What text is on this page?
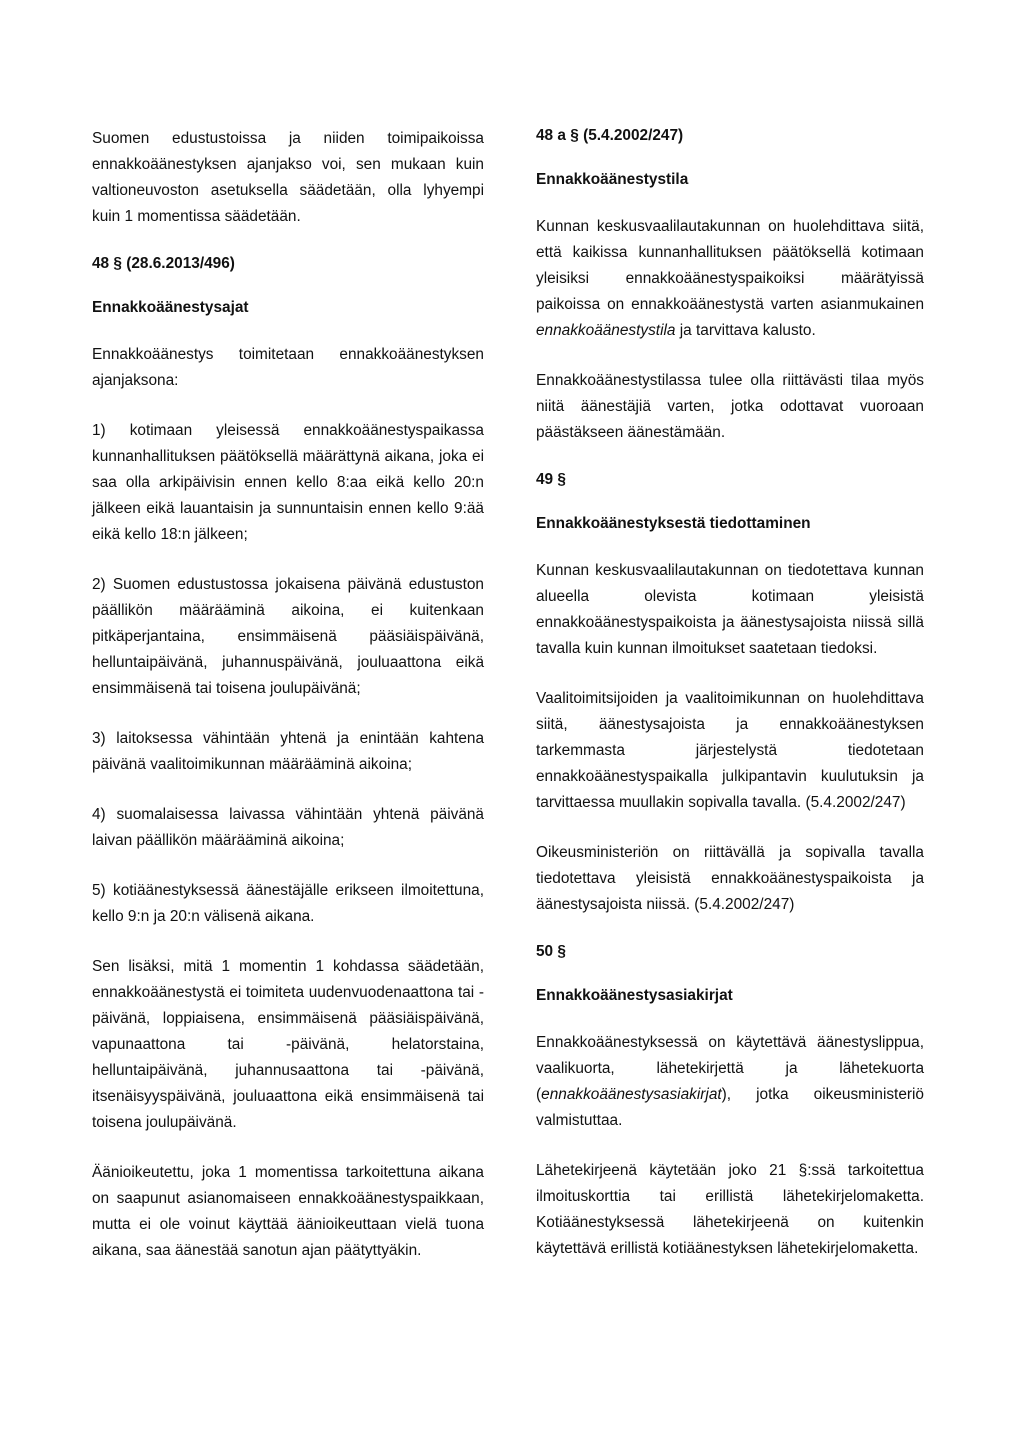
Suomen edustustoissa ja niiden toimipaikoissa ennakkoäänestyksen ajanjakso voi, sen mukaan kuin valtioneuvoston asetuksella säädetään, olla lyhyempi kuin 1 momentissa säädetään.

48 § (28.6.2013/496)
Ennakkoäänestysajat

Ennakkoäänestys toimitetaan ennakkoäänestyksen ajanjaksona:

1) kotimaan yleisessä ennakkoäänestyspaikassa kunnanhallituksen päätöksellä määrättynä aikana, joka ei saa olla arkipäivisin ennen kello 8:aa eikä kello 20:n jälkeen eikä lauantaisin ja sunnuntaisin ennen kello 9:ää eikä kello 18:n jälkeen;

2) Suomen edustustossa jokaisena päivänä edustuston päällikön määrääminä aikoina, ei kuitenkaan pitkäperjantaina, ensimmäisenä pääsiäispäivänä, helluntaipäivänä, juhannuspäivänä, jouluaattona eikä ensimmäisenä tai toisena joulupäivänä;

3) laitoksessa vähintään yhtenä ja enintään kahtena päivänä vaalitoimikunnan määrääminä aikoina;

4) suomalaisessa laivassa vähintään yhtenä päivänä laivan päällikön määrääminä aikoina;

5) kotiäänestyksessä äänestäjälle erikseen ilmoitettuna, kello 9:n ja 20:n välisenä aikana.

Sen lisäksi, mitä 1 momentin 1 kohdassa säädetään, ennakkoäänestystä ei toimiteta uudenvuodenaattona tai -päivänä, loppiaisena, ensimmäisenä pääsiäispäivänä, vapunaattona tai -päivänä, helatorstaina, helluntaipäivänä, juhannusaattona tai -päivänä, itsenäisyyspäivänä, jouluaattona eikä ensimmäisenä tai toisena joulupäivänä.

Äänioikeutettu, joka 1 momentissa tarkoitettuna aikana on saapunut asianomaiseen ennakkoäänestyspaikkaan, mutta ei ole voinut käyttää äänioikeuttaan vielä tuona aikana, saa äänestää sanotun ajan päätyttyäkin.

48 a § (5.4.2002/247)
Ennakkoäänestystila

Kunnan keskusvaalilautakunnan on huolehdittava siitä, että kaikissa kunnanhallituksen päätöksellä kotimaan yleisiksi ennakkoäänestyspaikoiksi määrätyissä paikoissa on ennakkoäänestystä varten asianmukainen ennakkoäänestystila ja tarvittava kalusto.

Ennakkoäänestystilassa tulee olla riittävästi tilaa myös niitä äänestäjiä varten, jotka odottavat vuoroaan päästäkseen äänestämään.

49 §
Ennakkoäänestyksestä tiedottaminen

Kunnan keskusvaalilautakunnan on tiedotettava kunnan alueella olevista kotimaan yleisistä ennakkoäänestyspaikoista ja äänestysajoista niissä sillä tavalla kuin kunnan ilmoitukset saatetaan tiedoksi.

Vaalitoimitsijoiden ja vaalitoimikunnan on huolehdittava siitä, äänestysajoista ja ennakkoäänestyksen tarkemmasta järjestelystä tiedotetaan ennakkoäänestyspaikalla julkipantavin kuulutuksin ja tarvittaessa muullakin sopivalla tavalla. (5.4.2002/247)

Oikeusministeriön on riittävällä ja sopivalla tavalla tiedotettava yleisistä ennakkoäänestyspaikoista ja äänestysajoista niissä. (5.4.2002/247)

50 §
Ennakkoäänestysasiakirjat

Ennakkoäänestyksessä on käytettävä äänestyslippua, vaalikuorta, lähetekirjettä ja lähetekuorta (ennakkoäänestysasiakirjat), jotka oikeusministeriö valmistuttaa.

Lähetekirjeenä käytetään joko 21 §:ssä tarkoitettua ilmoituskorttia tai erillistä lähetekirjelomaketta. Kotiäänestyksessä lähetekirjeenä on kuitenkin käytettävä erillistä kotiäänestyksen lähetekirjelomaketta.
